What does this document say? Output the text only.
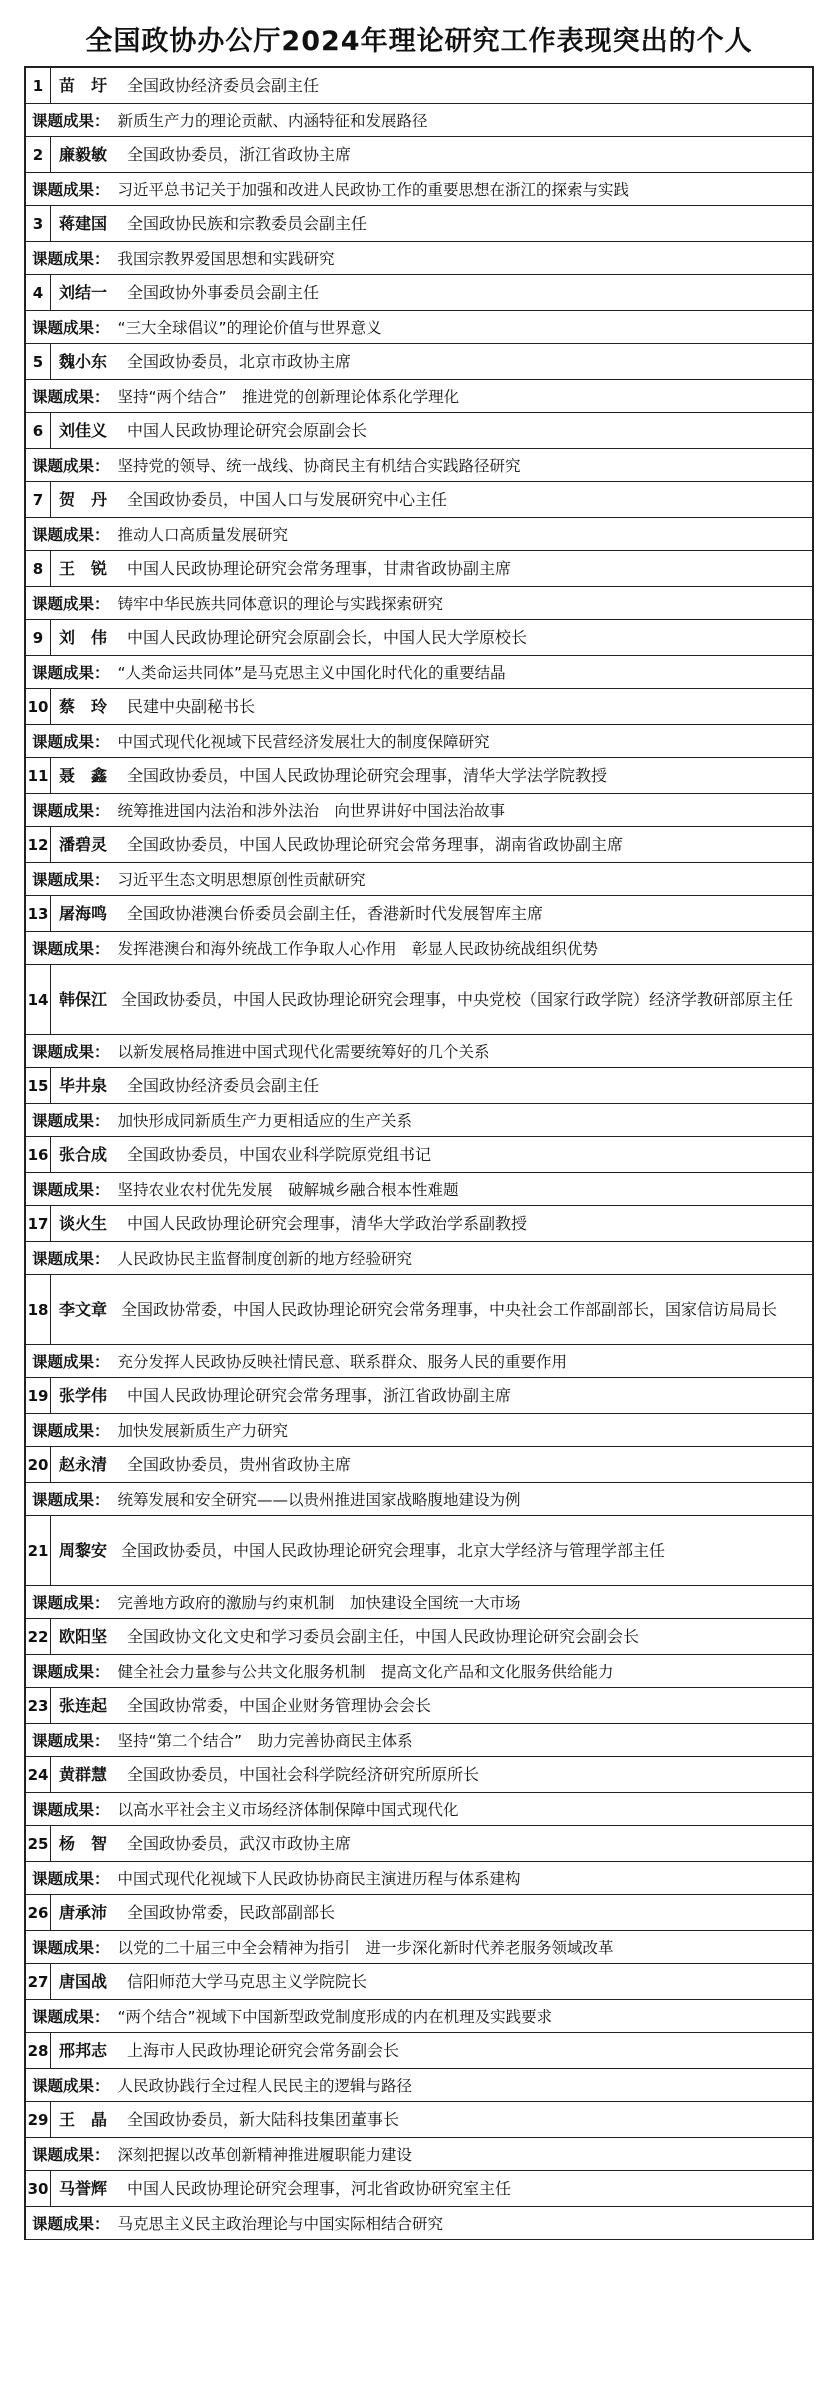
全国政协办公厅2024年理论研究工作表现突出的个人
1 苗　圩 全国政协经济委员会副主任
课题成果： 新质生产力的理论贡献、内涵特征和发展路径
2 廉毅敏 全国政协委员，浙江省政协主席
课题成果： 习近平总书记关于加强和改进人民政协工作的重要思想在浙江的探索与实践
3 蒋建国 全国政协民族和宗教委员会副主任
课题成果： 我国宗教界爱国思想和实践研究
4 刘结一 全国政协外事委员会副主任
课题成果： “三大全球倡议”的理论价值与世界意义
5 魏小东 全国政协委员，北京市政协主席
课题成果： 坚持“两个结合”　推进党的创新理论体系化学理化
6 刘佳义 中国人民政协理论研究会原副会长
课题成果： 坚持党的领导、统一战线、协商民主有机结合实践路径研究
7 贺　丹 全国政协委员，中国人口与发展研究中心主任
课题成果： 推动人口高质量发展研究
8 王　锐 中国人民政协理论研究会常务理事，甘肃省政协副主席
课题成果： 铸牢中华民族共同体意识的理论与实践探索研究
9 刘　伟 中国人民政协理论研究会原副会长，中国人民大学原校长
课题成果： “人类命运共同体”是马克思主义中国化时代化的重要结晶
10 蔡　玲 民建中央副秘书长
课题成果： 中国式现代化视域下民营经济发展壮大的制度保障研究
11 聂　鑫 全国政协委员，中国人民政协理论研究会理事，清华大学法学院教授
课题成果： 统筹推进国内法治和涉外法治　向世界讲好中国法治故事
12 潘碧灵 全国政协委员，中国人民政协理论研究会常务理事，湖南省政协副主席
课题成果： 习近平生态文明思想原创性贡献研究
13 屠海鸣 全国政协港澳台侨委员会副主任，香港新时代发展智库主席
课题成果： 发挥港澳台和海外统战工作争取人心作用　彰显人民政协统战组织优势
14 韩保江 全国政协委员，中国人民政协理论研究会理事，中央党校（国家行政学院）经济学教研部原主任
课题成果： 以新发展格局推进中国式现代化需要统筹好的几个关系
15 毕井泉 全国政协经济委员会副主任
课题成果： 加快形成同新质生产力更相适应的生产关系
16 张合成 全国政协委员，中国农业科学院原党组书记
课题成果： 坚持农业农村优先发展　破解城乡融合根本性难题
17 谈火生 中国人民政协理论研究会理事，清华大学政治学系副教授
课题成果： 人民政协民主监督制度创新的地方经验研究
18 李文章 全国政协常委，中国人民政协理论研究会常务理事，中央社会工作部副部长，国家信访局局长
课题成果： 充分发挥人民政协反映社情民意、联系群众、服务人民的重要作用
19 张学伟 中国人民政协理论研究会常务理事，浙江省政协副主席
课题成果： 加快发展新质生产力研究
20 赵永清 全国政协委员，贵州省政协主席
课题成果： 统筹发展和安全研究——以贵州推进国家战略腹地建设为例
21 周黎安 全国政协委员，中国人民政协理论研究会理事，北京大学经济与管理学部主任
课题成果： 完善地方政府的激励与约束机制　加快建设全国统一大市场
22 欧阳坚 全国政协文化文史和学习委员会副主任，中国人民政协理论研究会副会长
课题成果： 健全社会力量参与公共文化服务机制　提高文化产品和文化服务供给能力
23 张连起 全国政协常委，中国企业财务管理协会会长
课题成果： 坚持“第二个结合”　助力完善协商民主体系
24 黄群慧 全国政协委员，中国社会科学院经济研究所原所长
课题成果： 以高水平社会主义市场经济体制保障中国式现代化
25 杨　智 全国政协委员，武汉市政协主席
课题成果： 中国式现代化视域下人民政协协商民主演进历程与体系建构
26 唐承沛 全国政协常委，民政部副部长
课题成果： 以党的二十届三中全会精神为指引　进一步深化新时代养老服务领域改革
27 唐国战 信阳师范大学马克思主义学院院长
课题成果： “两个结合”视域下中国新型政党制度形成的内在机理及实践要求
28 邢邦志 上海市人民政协理论研究会常务副会长
课题成果： 人民政协践行全过程人民民主的逻辑与路径
29 王　晶 全国政协委员，新大陆科技集团董事长
课题成果： 深刻把握以改革创新精神推进履职能力建设
30 马誉辉 中国人民政协理论研究会理事，河北省政协研究室主任
课题成果： 马克思主义民主政治理论与中国实际相结合研究
